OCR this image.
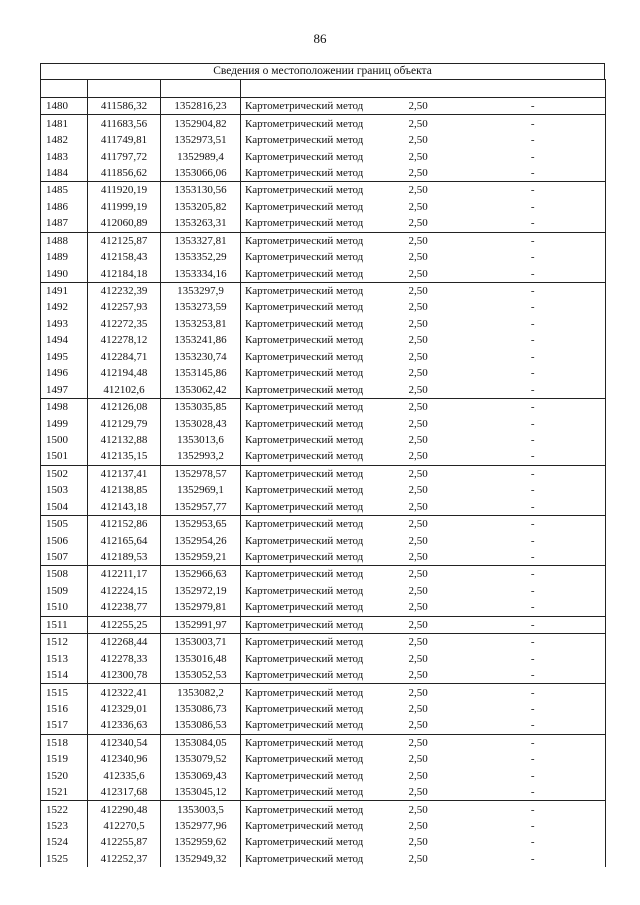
86
Сведения о местоположении границ объекта

1480	411586,32	1352816,23	Картометрический метод	2,50	-
1481	411683,56	1352904,82	Картометрический метод	2,50	-
1482	411749,81	1352973,51	Картометрический метод	2,50	-
1483	411797,72	1352989,4	Картометрический метод	2,50	-
1484	411856,62	1353066,06	Картометрический метод	2,50	-
1485	411920,19	1353130,56	Картометрический метод	2,50	-
1486	411999,19	1353205,82	Картометрический метод	2,50	-
1487	412060,89	1353263,31	Картометрический метод	2,50	-
1488	412125,87	1353327,81	Картометрический метод	2,50	-
1489	412158,43	1353352,29	Картометрический метод	2,50	-
1490	412184,18	1353334,16	Картометрический метод	2,50	-
1491	412232,39	1353297,9	Картометрический метод	2,50	-
1492	412257,93	1353273,59	Картометрический метод	2,50	-
1493	412272,35	1353253,81	Картометрический метод	2,50	-
1494	412278,12	1353241,86	Картометрический метод	2,50	-
1495	412284,71	1353230,74	Картометрический метод	2,50	-
1496	412194,48	1353145,86	Картометрический метод	2,50	-
1497	412102,6	1353062,42	Картометрический метод	2,50	-
1498	412126,08	1353035,85	Картометрический метод	2,50	-
1499	412129,79	1353028,43	Картометрический метод	2,50	-
1500	412132,88	1353013,6	Картометрический метод	2,50	-
1501	412135,15	1352993,2	Картометрический метод	2,50	-
1502	412137,41	1352978,57	Картометрический метод	2,50	-
1503	412138,85	1352969,1	Картометрический метод	2,50	-
1504	412143,18	1352957,77	Картометрический метод	2,50	-
1505	412152,86	1352953,65	Картометрический метод	2,50	-
1506	412165,64	1352954,26	Картометрический метод	2,50	-
1507	412189,53	1352959,21	Картометрический метод	2,50	-
1508	412211,17	1352966,63	Картометрический метод	2,50	-
1509	412224,15	1352972,19	Картометрический метод	2,50	-
1510	412238,77	1352979,81	Картометрический метод	2,50	-
1511	412255,25	1352991,97	Картометрический метод	2,50	-
1512	412268,44	1353003,71	Картометрический метод	2,50	-
1513	412278,33	1353016,48	Картометрический метод	2,50	-
1514	412300,78	1353052,53	Картометрический метод	2,50	-
1515	412322,41	1353082,2	Картометрический метод	2,50	-
1516	412329,01	1353086,73	Картометрический метод	2,50	-
1517	412336,63	1353086,53	Картометрический метод	2,50	-
1518	412340,54	1353084,05	Картометрический метод	2,50	-
1519	412340,96	1353079,52	Картометрический метод	2,50	-
1520	412335,6	1353069,43	Картометрический метод	2,50	-
1521	412317,68	1353045,12	Картометрический метод	2,50	-
1522	412290,48	1353003,5	Картометрический метод	2,50	-
1523	412270,5	1352977,96	Картометрический метод	2,50	-
1524	412255,87	1352959,62	Картометрический метод	2,50	-
1525	412252,37	1352949,32	Картометрический метод	2,50	-
